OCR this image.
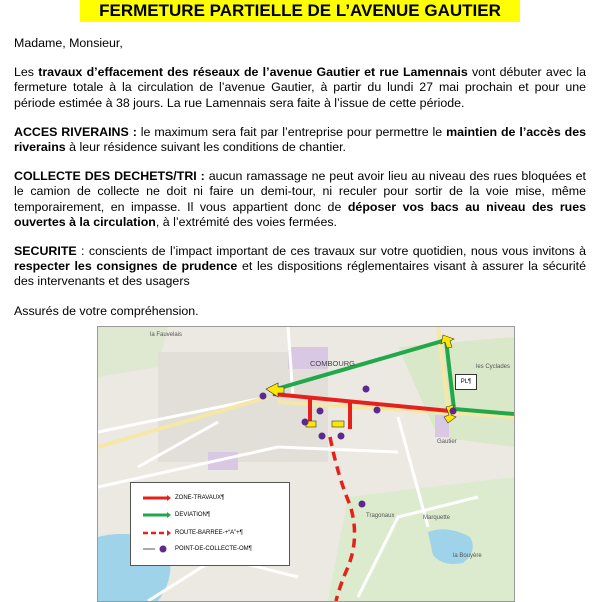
FERMETURE PARTIELLE DE L’AVENUE GAUTIER

Madame, Monsieur,

Les travaux d’effacement des réseaux de l’avenue Gautier et rue Lamennais vont débuter avec la fermeture totale à la circulation de l’avenue Gautier, à partir du lundi 27 mai prochain et pour une période estimée à 38 jours. La rue Lamennais sera faite à l’issue de cette période.

ACCES RIVERAINS : le maximum sera fait par l’entreprise pour permettre le maintien de l’accès des riverains à leur résidence suivant les conditions de chantier.

COLLECTE DES DECHETS/TRI : aucun ramassage ne peut avoir lieu au niveau des rues bloquées et le camion de collecte ne doit ni faire un demi-tour, ni reculer pour sortir de la voie mise, même temporairement, en impasse. Il vous appartient donc de déposer vos bacs au niveau des rues ouvertes à la circulation, à l’extrémité des voies fermées.

SECURITE : conscients de l’impact important de ces travaux sur votre quotidien, nous vous invitons à respecter les consignes de prudence et les dispositions réglementaires visant à assurer la sécurité des intervenants et des usagers

Assurés de votre compréhension.

COMBOURG
la Fauvelais
les Cyclades
Tragonaux	Marquette
la Bouyère
Gautier
PL¶
ZONE-TRAVAUX¶
DEVIATION¶
ROUTE-BARREE-+“A”+¶
POINT-DE-COLLECTE-OM¶
